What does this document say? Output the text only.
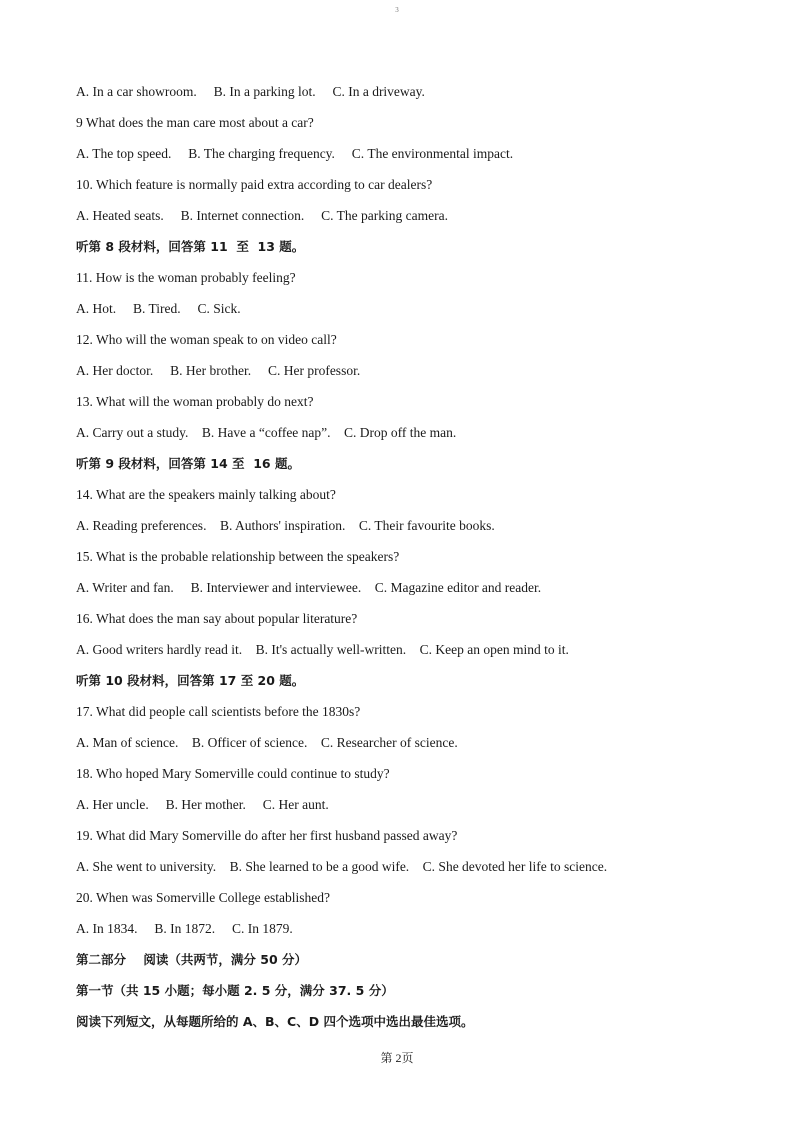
3
A. In a car showroom.     B. In a parking lot.     C. In a driveway.
9 What does the man care most about a car?
A. The top speed.     B. The charging frequency.     C. The environmental impact.
10. Which feature is normally paid extra according to car dealers?
A. Heated seats.     B. Internet connection.     C. The parking camera.
听第 8 段材料，回答第 11  至  13 题。
11. How is the woman probably feeling?
A. Hot.     B. Tired.     C. Sick.
12. Who will the woman speak to on video call?
A. Her doctor.     B. Her brother.     C. Her professor.
13. What will the woman probably do next?
A. Carry out a study.    B. Have a “coffee nap”.    C. Drop off the man.
听第 9 段材料，回答第 14 至  16 题。
14. What are the speakers mainly talking about?
A. Reading preferences.    B. Authors' inspiration.    C. Their favourite books.
15. What is the probable relationship between the speakers?
A. Writer and fan.     B. Interviewer and interviewee.    C. Magazine editor and reader.
16. What does the man say about popular literature?
A. Good writers hardly read it.    B. It's actually well-written.    C. Keep an open mind to it.
听第 10 段材料，回答第 17 至 20 题。
17. What did people call scientists before the 1830s?
A. Man of science.    B. Officer of science.    C. Researcher of science.
18. Who hoped Mary Somerville could continue to study?
A. Her uncle.     B. Her mother.     C. Her aunt.
19. What did Mary Somerville do after her first husband passed away?
A. She went to university.    B. She learned to be a good wife.    C. She devoted her life to science.
20. When was Somerville College established?
A. In 1834.     B. In 1872.     C. In 1879.
第二部分    阅读（共两节，满分 50 分）
第一节（共 15 小题；每小题 2. 5 分，满分 37. 5 分）
阅读下列短文，从每题所给的 A、B、C、D 四个选项中选出最佳选项。
第 2页
